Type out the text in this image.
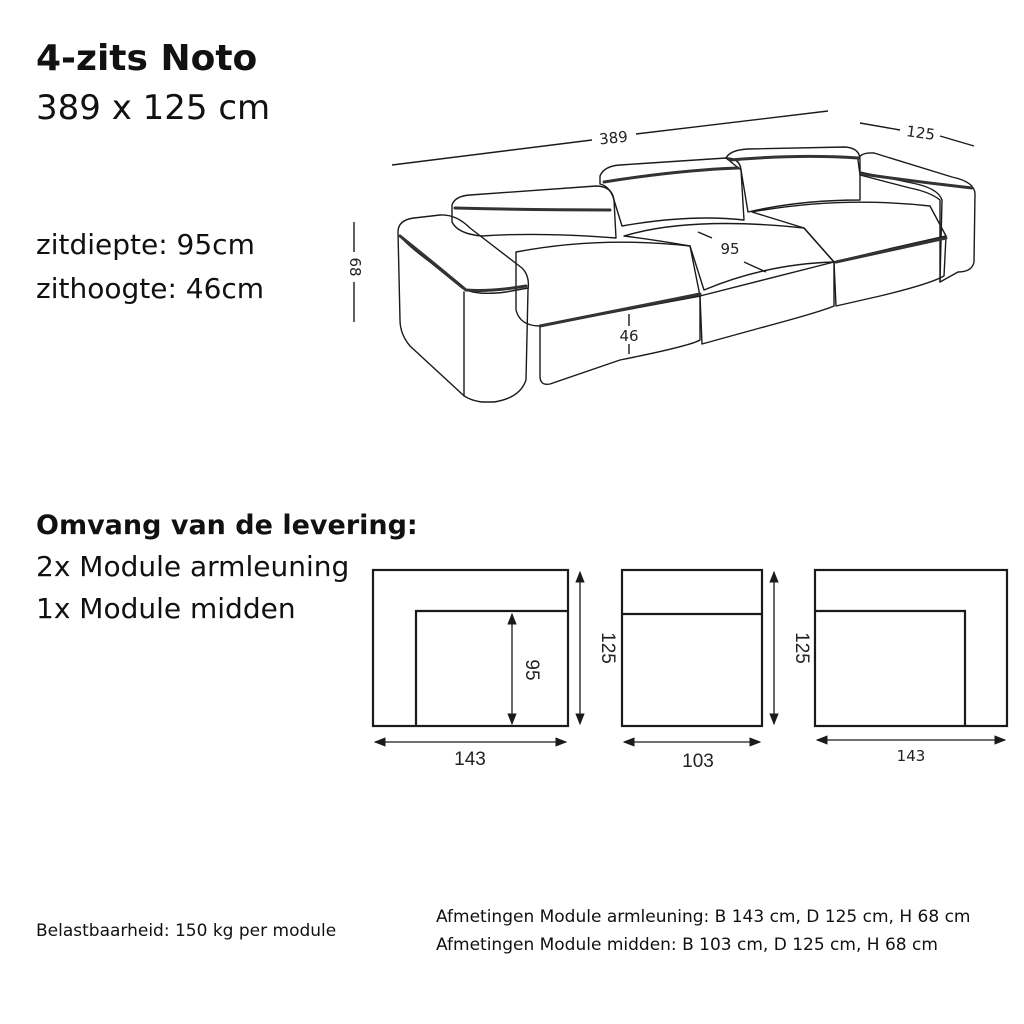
4-zits Noto
389 x 125 cm
zitdiepte: 95cm
zithoogte: 46cm
Omvang van de levering:
2x Module armleuning
1x Module midden
389	125
68
95
46
125
95
143
125
103	143
Belastbaarheid: 150 kg per module
Afmetingen Module armleuning: B 143 cm, D 125 cm, H 68 cm
Afmetingen Module midden: B 103 cm, D 125 cm, H 68 cm
